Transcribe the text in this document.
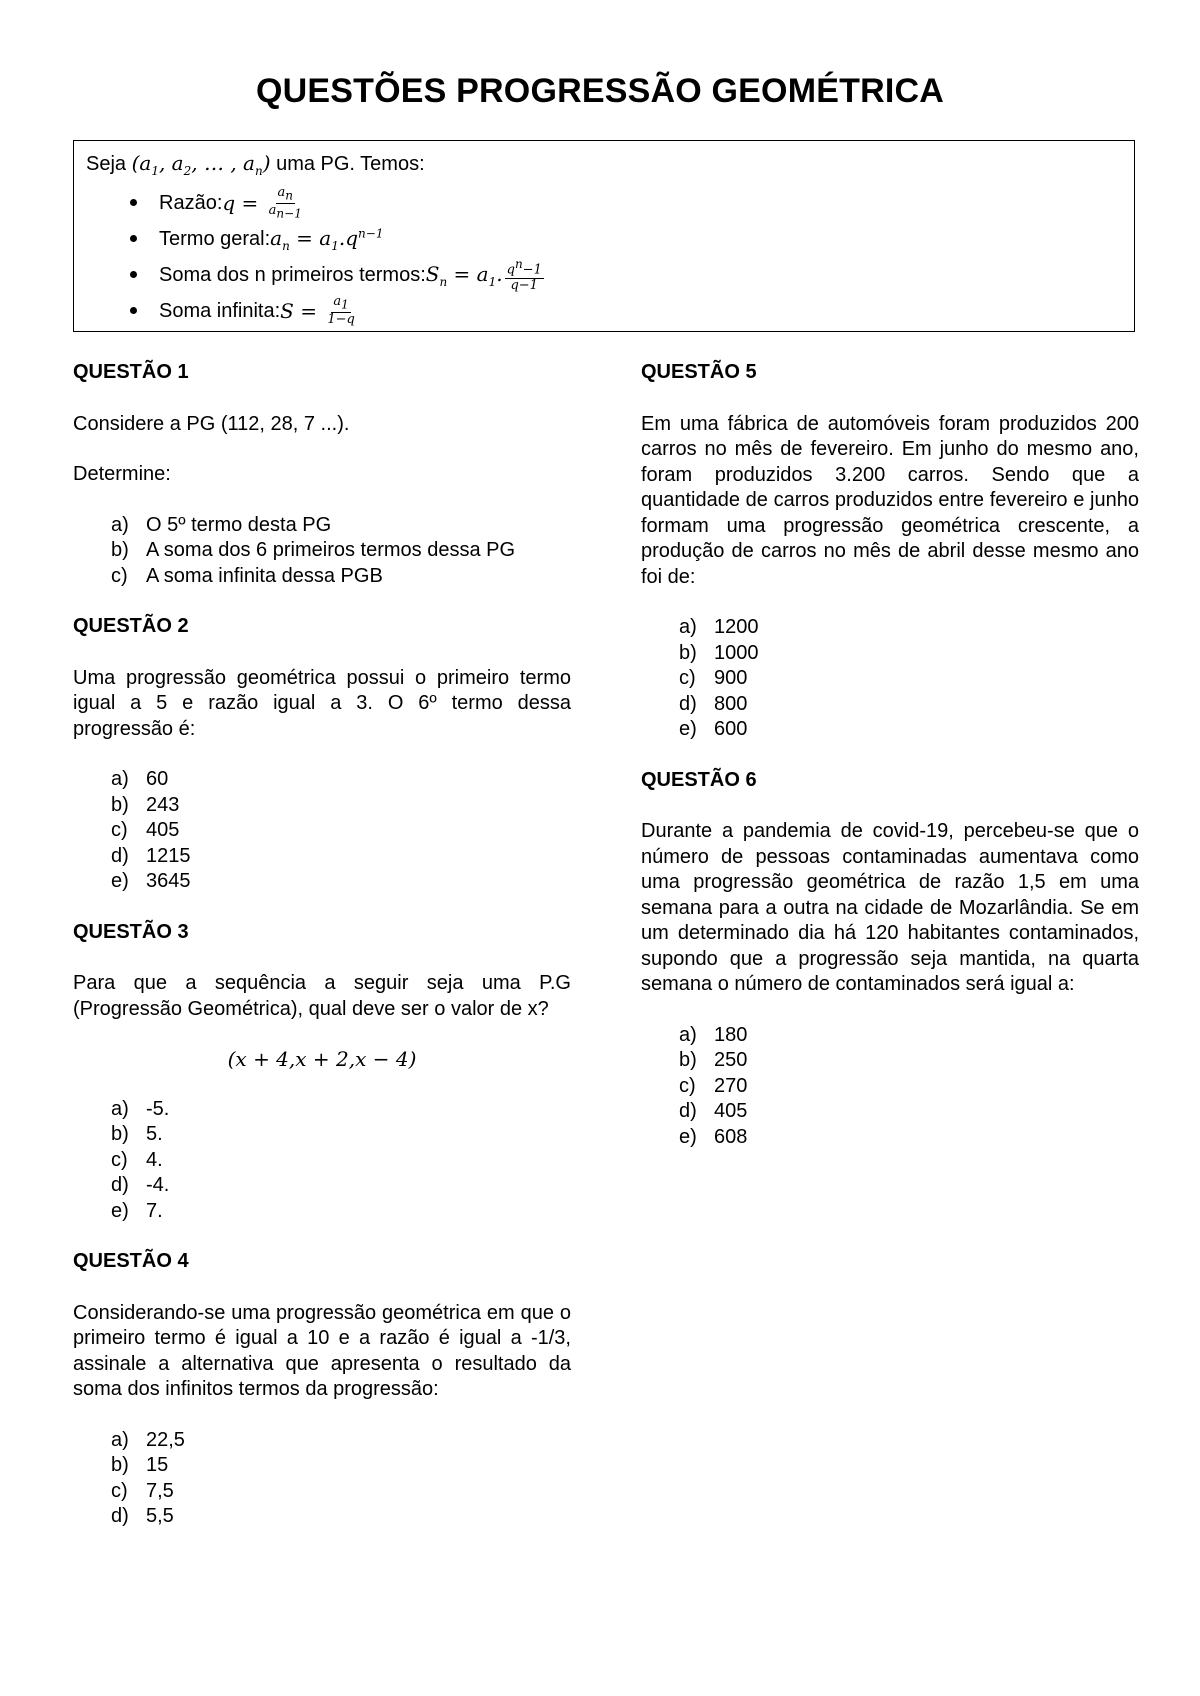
QUESTÕES PROGRESSÃO GEOMÉTRICA
Seja ($a_1$, $a_2$, … , $a_n$) uma PG. Temos:
Razão: $q = \frac{a_n}{a_{n-1}}$
Termo geral: $a_n = a_1.q^{n-1}$
Soma dos n primeiros termos: $S_n = a_1$. $\frac{q^n-1}{q-1}$
Soma infinita: $S = \frac{a_1}{1-q}$
QUESTÃO 1

Considere a PG (112, 28, 7 ...).

Determine:

a) O 5º termo desta PG
b) A soma dos 6 primeiros termos dessa PG
c) A soma infinita dessa PGB
QUESTÃO 2

Uma progressão geométrica possui o primeiro termo igual a 5 e razão igual a 3. O 6º termo dessa progressão é:

a) 60
b) 243
c) 405
d) 1215
e) 3645
QUESTÃO 3

Para que a sequência a seguir seja uma P.G (Progressão Geométrica), qual deve ser o valor de x?

(x + 4,x + 2,x − 4)
a) -5.
b) 5.
c) 4.
d) -4.
e) 7.
QUESTÃO 4

Considerando-se uma progressão geométrica em que o primeiro termo é igual a 10 e a razão é igual a -1/3, assinale a alternativa que apresenta o resultado da soma dos infinitos termos da progressão:

a) 22,5
b) 15
c) 7,5
d) 5,5
QUESTÃO 5

Em uma fábrica de automóveis foram produzidos 200 carros no mês de fevereiro. Em junho do mesmo ano, foram produzidos 3.200 carros. Sendo que a quantidade de carros produzidos entre fevereiro e junho formam uma progressão geométrica crescente, a produção de carros no mês de abril desse mesmo ano foi de:

a) 1200
b) 1000
c) 900
d) 800
e) 600
QUESTÃO 6

Durante a pandemia de covid-19, percebeu-se que o número de pessoas contaminadas aumentava como uma progressão geométrica de razão 1,5 em uma semana para a outra na cidade de Mozarlândia. Se em um determinado dia há 120 habitantes contaminados, supondo que a progressão seja mantida, na quarta semana o número de contaminados será igual a:

a) 180
b) 250
c) 270
d) 405
e) 608
